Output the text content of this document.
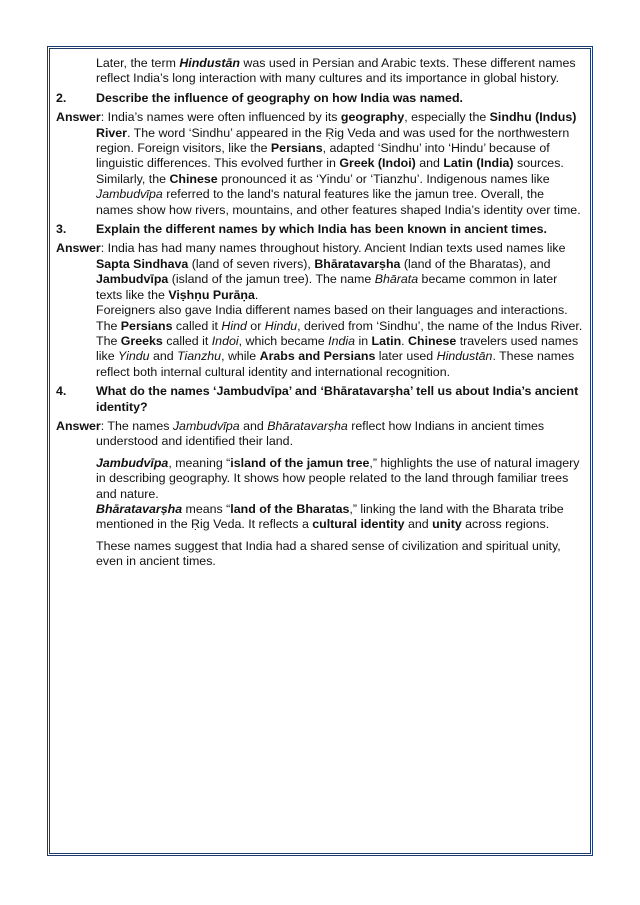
Later, the term Hindustān was used in Persian and Arabic texts. These different names reflect India’s long interaction with many cultures and its importance in global history.

2.	Describe the influence of geography on how India was named.

Answer: India’s names were often influenced by its geography, especially the Sindhu (Indus) River. The word ‘Sindhu’ appeared in the Ṛig Veda and was used for the northwestern region. Foreign visitors, like the Persians, adapted ‘Sindhu’ into ‘Hindu’ because of linguistic differences. This evolved further in Greek (Indoi) and Latin (India) sources. Similarly, the Chinese pronounced it as ‘Yindu’ or ‘Tianzhu’. Indigenous names like Jambudvīpa referred to the land's natural features like the jamun tree. Overall, the names show how rivers, mountains, and other features shaped India’s identity over time.

3.	Explain the different names by which India has been known in ancient times.

Answer: India has had many names throughout history. Ancient Indian texts used names like Sapta Sindhava (land of seven rivers), Bhāratavarṣha (land of the Bharatas), and Jambudvīpa (island of the jamun tree). The name Bhārata became common in later texts like the Viṣhṇu Purāṇa.

Foreigners also gave India different names based on their languages and interactions. The Persians called it Hind or Hindu, derived from ‘Sindhu’, the name of the Indus River. The Greeks called it Indoi, which became India in Latin. Chinese travelers used names like Yindu and Tianzhu, while Arabs and Persians later used Hindustān. These names reflect both internal cultural identity and international recognition.

4.	What do the names ‘Jambudvīpa’ and ‘Bhāratavarṣha’ tell us about India’s ancient identity?

Answer: The names Jambudvīpa and Bhāratavarṣha reflect how Indians in ancient times understood and identified their land.

Jambudvīpa, meaning “island of the jamun tree,” highlights the use of natural imagery in describing geography. It shows how people related to the land through familiar trees and nature.

Bhāratavarṣha means “land of the Bharatas,” linking the land with the Bharata tribe mentioned in the Ṛig Veda. It reflects a cultural identity and unity across regions.

These names suggest that India had a shared sense of civilization and spiritual unity, even in ancient times.
